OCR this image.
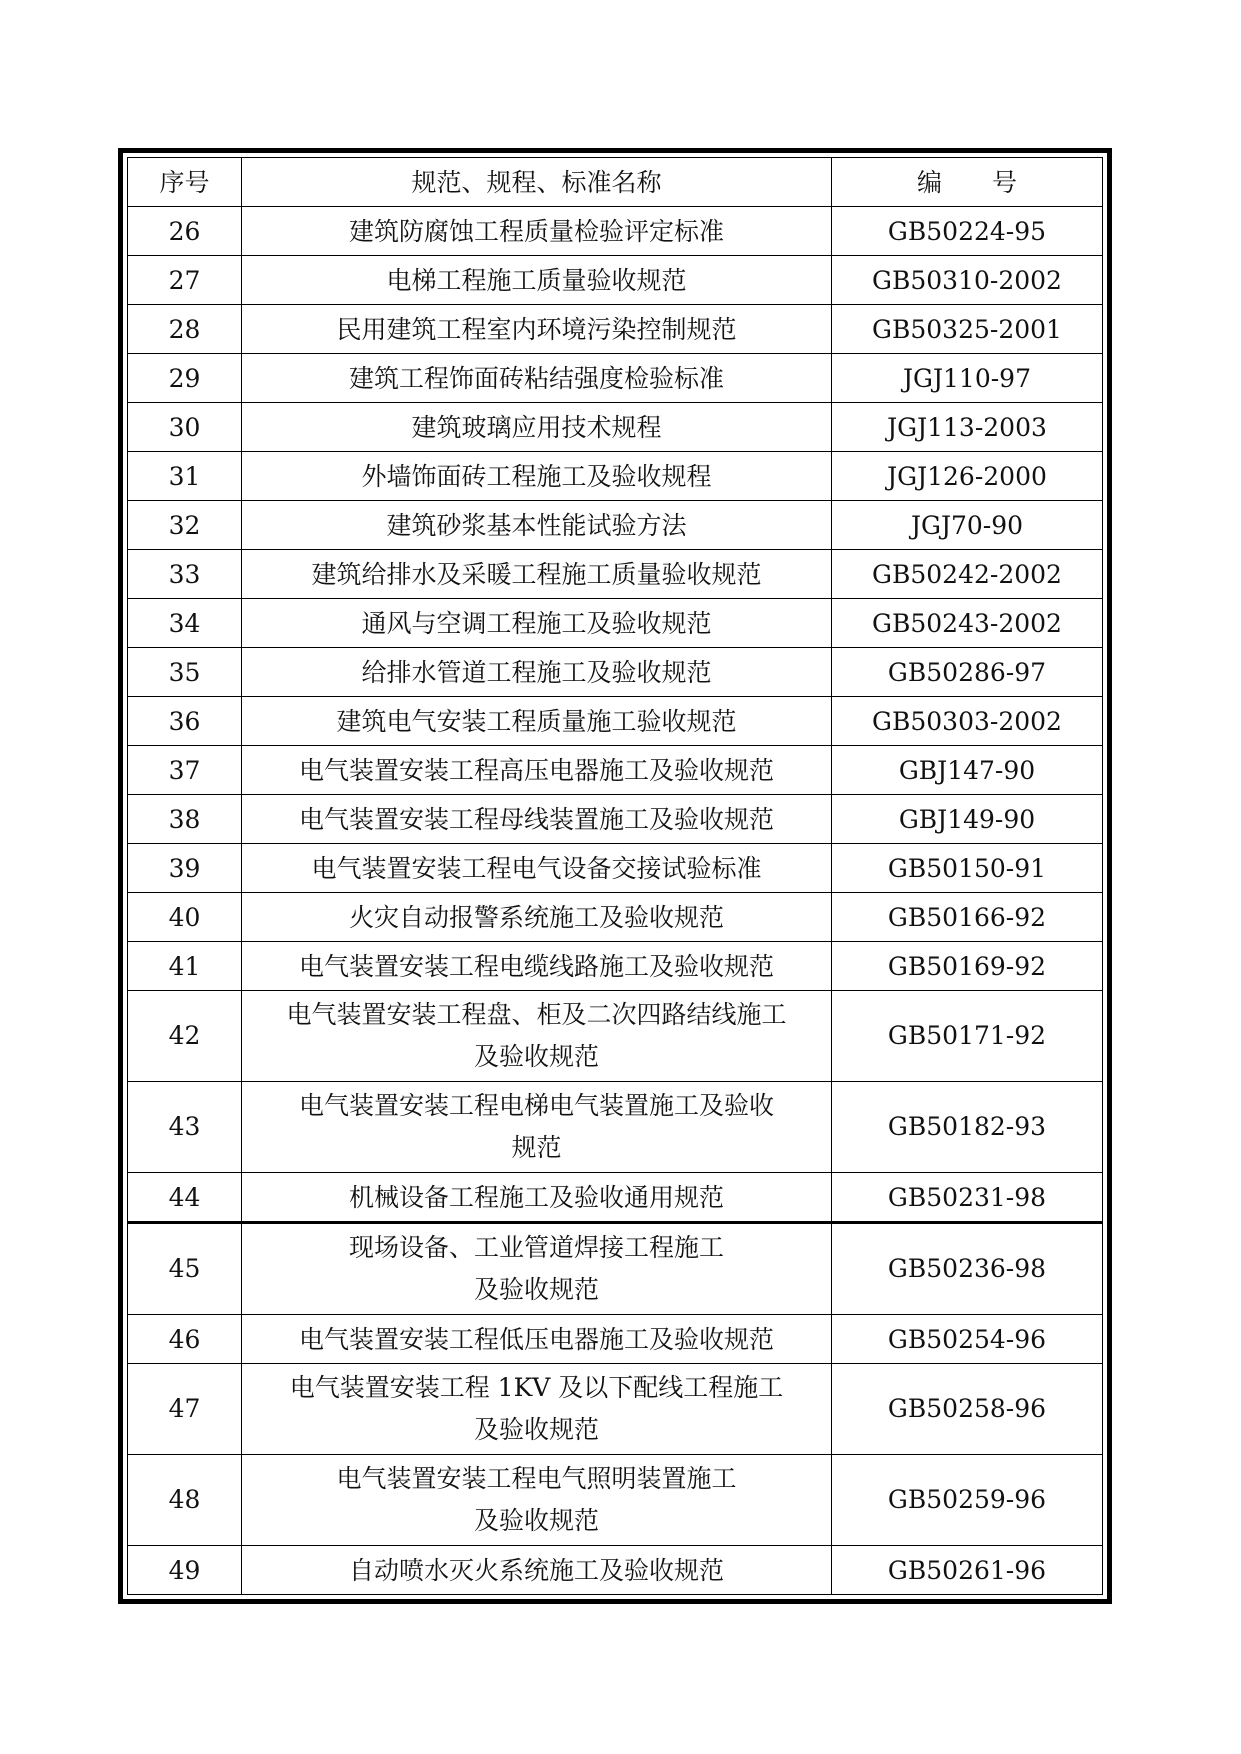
序号	规范、规程、标准名称	编　　号
26	建筑防腐蚀工程质量检验评定标准	GB50224-95
27	电梯工程施工质量验收规范	GB50310-2002
28	民用建筑工程室内环境污染控制规范	GB50325-2001
29	建筑工程饰面砖粘结强度检验标准	JGJ110-97
30	建筑玻璃应用技术规程	JGJ113-2003
31	外墙饰面砖工程施工及验收规程	JGJ126-2000
32	建筑砂浆基本性能试验方法	JGJ70-90
33	建筑给排水及采暖工程施工质量验收规范	GB50242-2002
34	通风与空调工程施工及验收规范	GB50243-2002
35	给排水管道工程施工及验收规范	GB50286-97
36	建筑电气安装工程质量施工验收规范	GB50303-2002
37	电气装置安装工程高压电器施工及验收规范	GBJ147-90
38	电气装置安装工程母线装置施工及验收规范	GBJ149-90
39	电气装置安装工程电气设备交接试验标准	GB50150-91
40	火灾自动报警系统施工及验收规范	GB50166-92
41	电气装置安装工程电缆线路施工及验收规范	GB50169-92
42	电气装置安装工程盘、柜及二次四路结线施工
及验收规范	GB50171-92
43	电气装置安装工程电梯电气装置施工及验收
规范	GB50182-93
44	机械设备工程施工及验收通用规范	GB50231-98
45	现场设备、工业管道焊接工程施工
及验收规范	GB50236-98
46	电气装置安装工程低压电器施工及验收规范	GB50254-96
47	电气装置安装工程 1KV 及以下配线工程施工
及验收规范	GB50258-96
48	电气装置安装工程电气照明装置施工
及验收规范	GB50259-96
49	自动喷水灭火系统施工及验收规范	GB50261-96
